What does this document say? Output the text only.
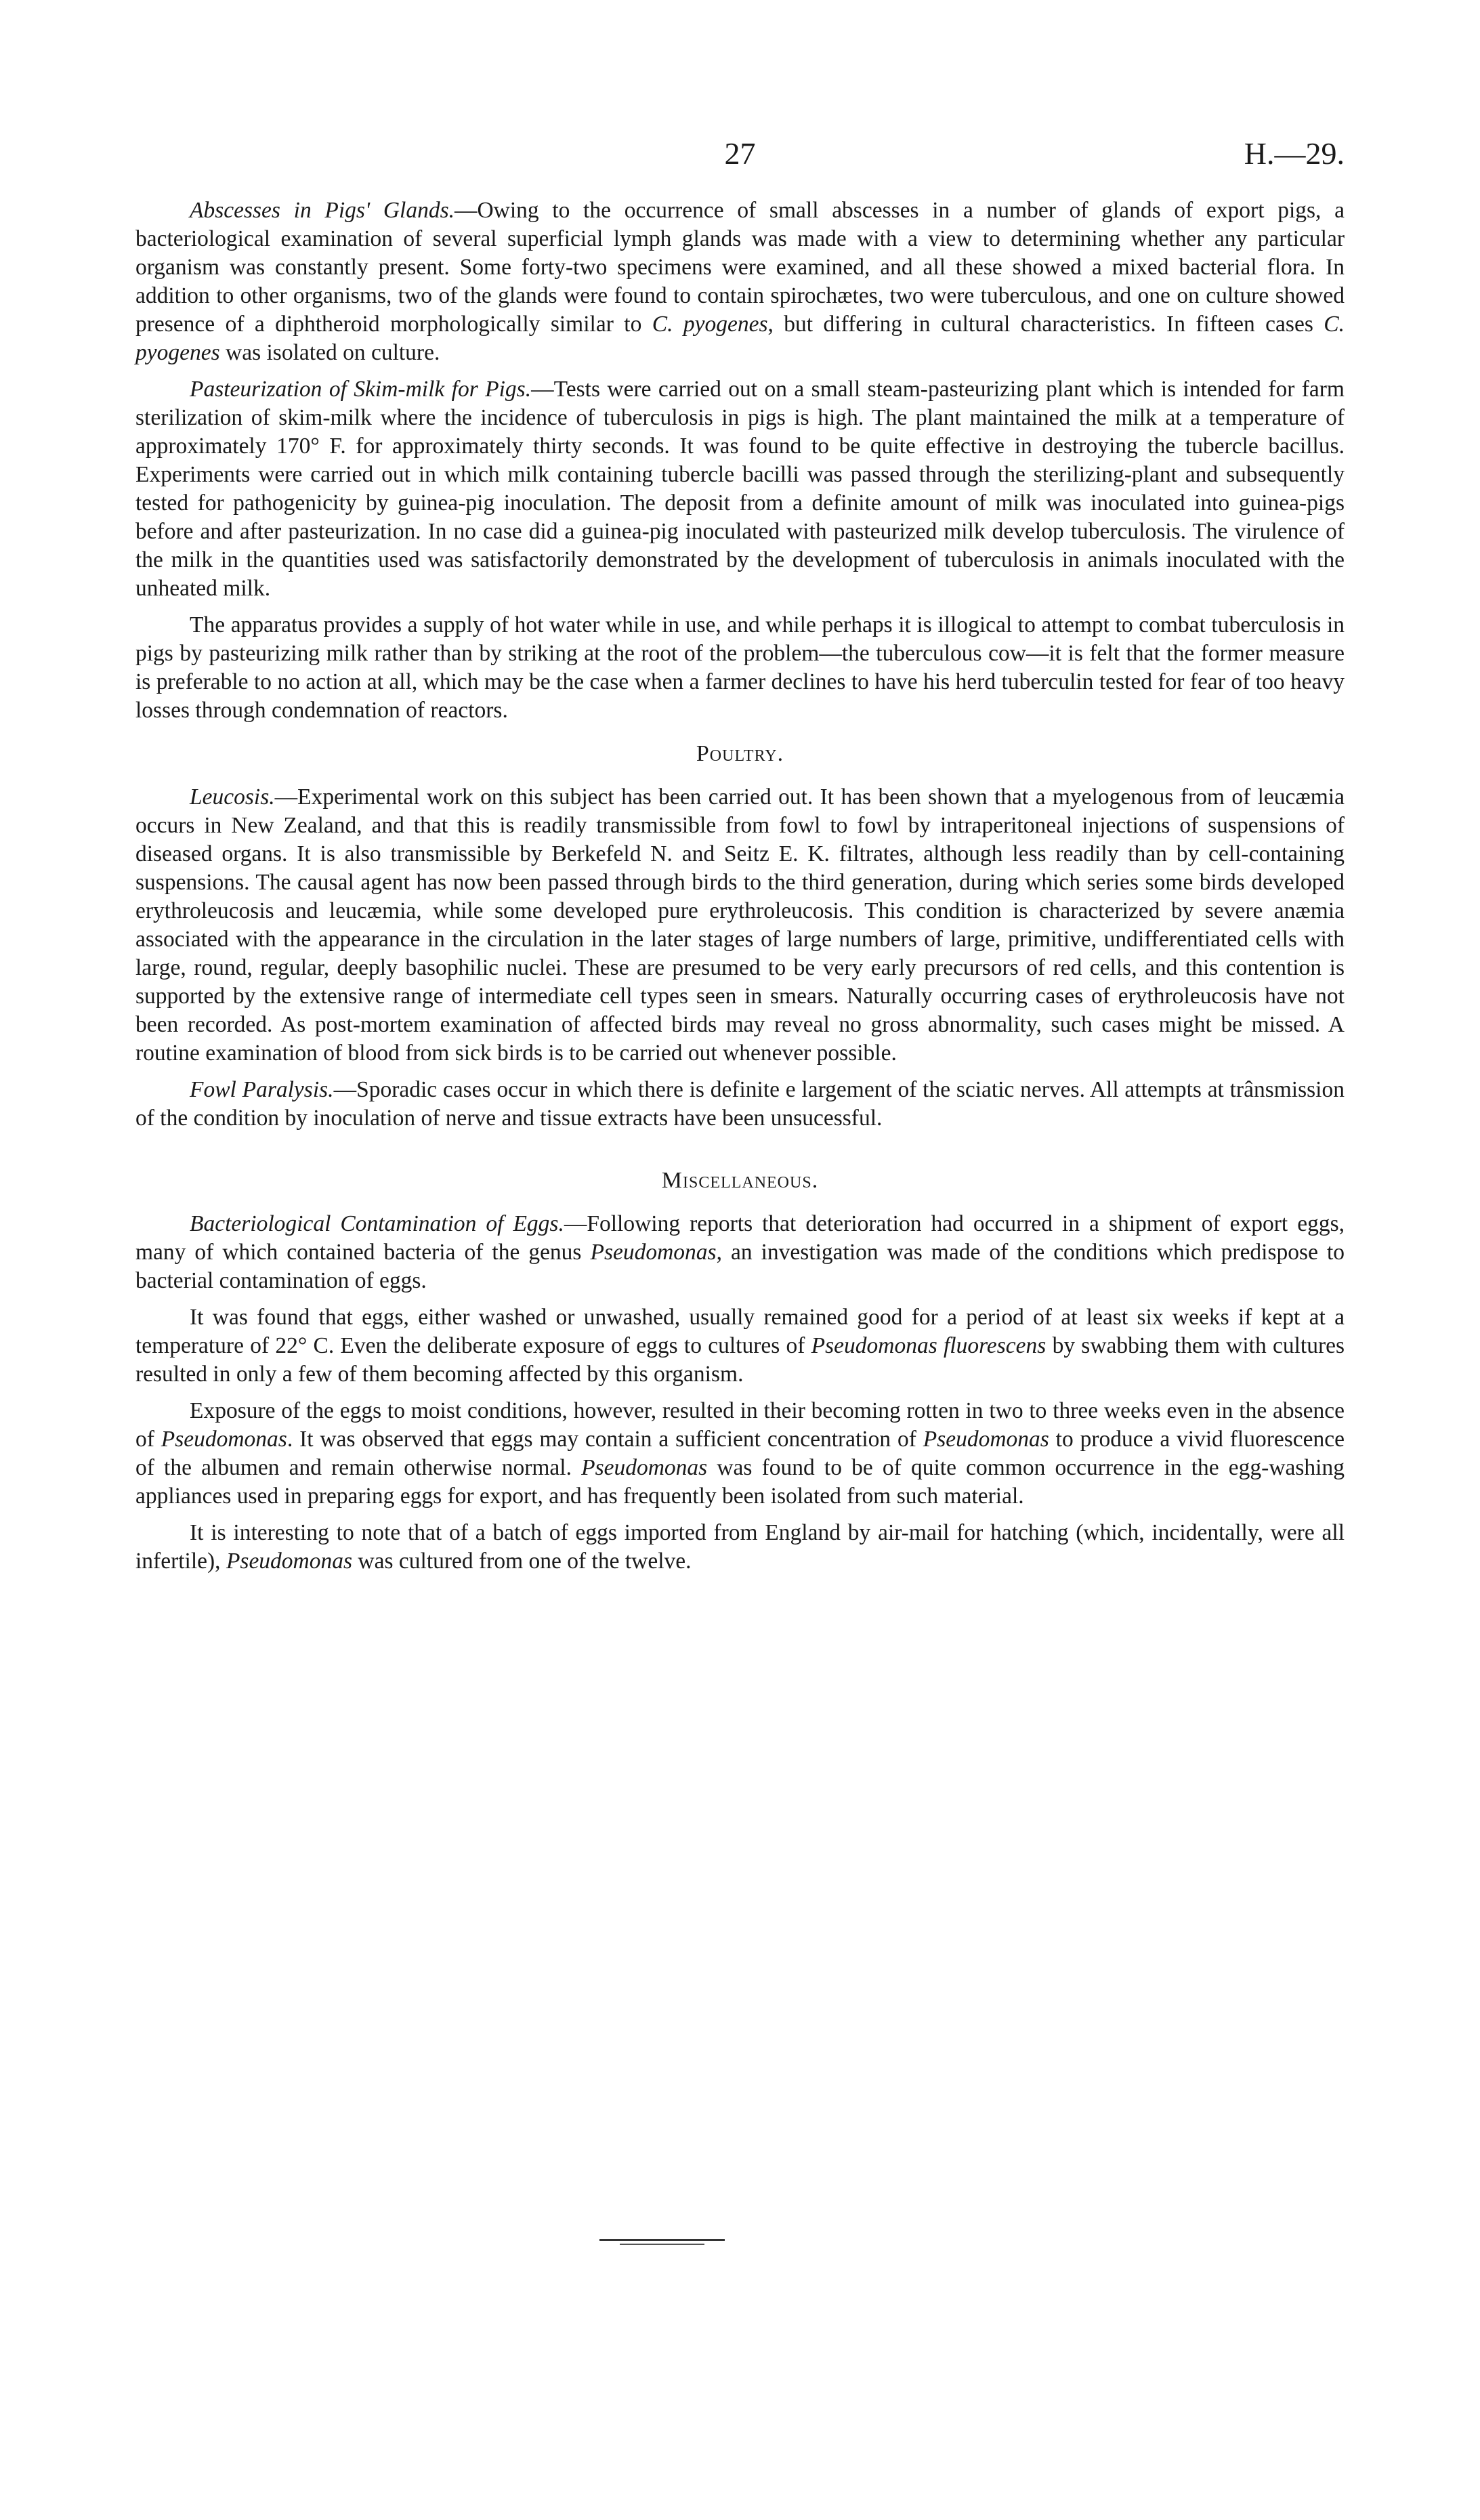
27	H.—29.

Abscesses in Pigs' Glands.—Owing to the occurrence of small abscesses in a number of glands of export pigs, a bacteriological examination of several superficial lymph glands was made with a view to determining whether any particular organism was constantly present. Some forty-two specimens were examined, and all these showed a mixed bacterial flora. In addition to other organisms, two of the glands were found to contain spirochætes, two were tuberculous, and one on culture showed presence of a diphtheroid morphologically similar to C. pyogenes, but differing in cultural characteristics. In fifteen cases C. pyogenes was isolated on culture.

Pasteurization of Skim-milk for Pigs.—Tests were carried out on a small steam-pasteurizing plant which is intended for farm sterilization of skim-milk where the incidence of tuberculosis in pigs is high. The plant maintained the milk at a temperature of approximately 170° F. for approximately thirty seconds. It was found to be quite effective in destroying the tubercle bacillus. Experiments were carried out in which milk containing tubercle bacilli was passed through the sterilizing-plant and subsequently tested for pathogenicity by guinea-pig inoculation. The deposit from a definite amount of milk was inoculated into guinea-pigs before and after pasteurization. In no case did a guinea-pig inoculated with pasteurized milk develop tuberculosis. The virulence of the milk in the quantities used was satisfactorily demonstrated by the development of tuberculosis in animals inoculated with the unheated milk.

The apparatus provides a supply of hot water while in use, and while perhaps it is illogical to attempt to combat tuberculosis in pigs by pasteurizing milk rather than by striking at the root of the problem—the tuberculous cow—it is felt that the former measure is preferable to no action at all, which may be the case when a farmer declines to have his herd tuberculin tested for fear of too heavy losses through condemnation of reactors.

Poultry.

Leucosis.—Experimental work on this subject has been carried out. It has been shown that a myelogenous from of leucæmia occurs in New Zealand, and that this is readily transmissible from fowl to fowl by intraperitoneal injections of suspensions of diseased organs. It is also transmissible by Berkefeld N. and Seitz E. K. filtrates, although less readily than by cell-containing suspensions. The causal agent has now been passed through birds to the third generation, during which series some birds developed erythroleucosis and leucæmia, while some developed pure erythroleucosis. This condition is characterized by severe anæmia associated with the appearance in the circulation in the later stages of large numbers of large, primitive, undifferentiated cells with large, round, regular, deeply basophilic nuclei. These are presumed to be very early precursors of red cells, and this contention is supported by the extensive range of intermediate cell types seen in smears. Naturally occurring cases of erythroleucosis have not been recorded. As post-mortem examination of affected birds may reveal no gross abnormality, such cases might be missed. A routine examination of blood from sick birds is to be carried out whenever possible.

Fowl Paralysis.—Sporadic cases occur in which there is definite e largement of the sciatic nerves. All attempts at trânsmission of the condition by inoculation of nerve and tissue extracts have been unsucessful.

Miscellaneous.

Bacteriological Contamination of Eggs.—Following reports that deterioration had occurred in a shipment of export eggs, many of which contained bacteria of the genus Pseudomonas, an investigation was made of the conditions which predispose to bacterial contamination of eggs.

It was found that eggs, either washed or unwashed, usually remained good for a period of at least six weeks if kept at a temperature of 22° C. Even the deliberate exposure of eggs to cultures of Pseudomonas fluorescens by swabbing them with cultures resulted in only a few of them becoming affected by this organism.

Exposure of the eggs to moist conditions, however, resulted in their becoming rotten in two to three weeks even in the absence of Pseudomonas. It was observed that eggs may contain a sufficient concentration of Pseudomonas to produce a vivid fluorescence of the albumen and remain otherwise normal. Pseudomonas was found to be of quite common occurrence in the egg-washing appliances used in preparing eggs for export, and has frequently been isolated from such material.

It is interesting to note that of a batch of eggs imported from England by air-mail for hatching (which, incidentally, were all infertile), Pseudomonas was cultured from one of the twelve.
